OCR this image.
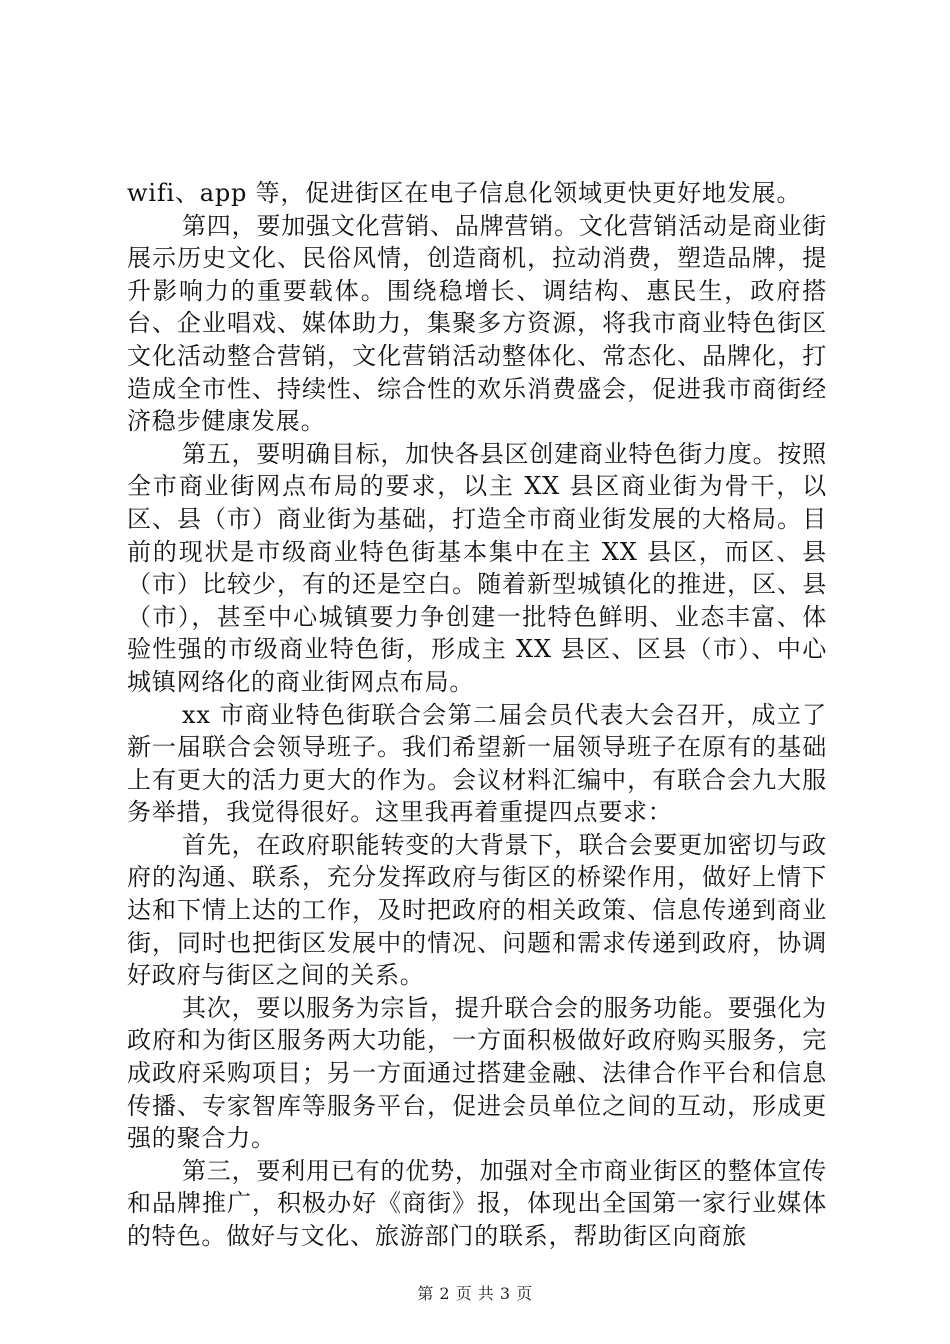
wifi、app 等，促进街区在电子信息化领域更快更好地发展。

第四，要加强文化营销、品牌营销。文化营销活动是商业街展示历史文化、民俗风情，创造商机，拉动消费，塑造品牌，提升影响力的重要载体。围绕稳增长、调结构、惠民生，政府搭台、企业唱戏、媒体助力，集聚多方资源，将我市商业特色街区文化活动整合营销，文化营销活动整体化、常态化、品牌化，打造成全市性、持续性、综合性的欢乐消费盛会，促进我市商街经济稳步健康发展。

第五，要明确目标，加快各县区创建商业特色街力度。按照全市商业街网点布局的要求，以主 XX 县区商业街为骨干，以区、县（市）商业街为基础，打造全市商业街发展的大格局。目前的现状是市级商业特色街基本集中在主 XX 县区，而区、县（市）比较少，有的还是空白。随着新型城镇化的推进，区、县（市），甚至中心城镇要力争创建一批特色鲜明、业态丰富、体验性强的市级商业特色街，形成主 XX 县区、区县（市）、中心城镇网络化的商业街网点布局。

xx 市商业特色街联合会第二届会员代表大会召开，成立了新一届联合会领导班子。我们希望新一届领导班子在原有的基础上有更大的活力更大的作为。会议材料汇编中，有联合会九大服务举措，我觉得很好。这里我再着重提四点要求：

首先，在政府职能转变的大背景下，联合会要更加密切与政府的沟通、联系，充分发挥政府与街区的桥梁作用，做好上情下达和下情上达的工作，及时把政府的相关政策、信息传递到商业街，同时也把街区发展中的情况、问题和需求传递到政府，协调好政府与街区之间的关系。

其次，要以服务为宗旨，提升联合会的服务功能。要强化为政府和为街区服务两大功能，一方面积极做好政府购买服务，完成政府采购项目；另一方面通过搭建金融、法律合作平台和信息传播、专家智库等服务平台，促进会员单位之间的互动，形成更强的聚合力。

第三，要利用已有的优势，加强对全市商业街区的整体宣传和品牌推广，积极办好《商街》报，体现出全国第一家行业媒体的特色。做好与文化、旅游部门的联系，帮助街区向商旅

第 2 页 共 3 页
